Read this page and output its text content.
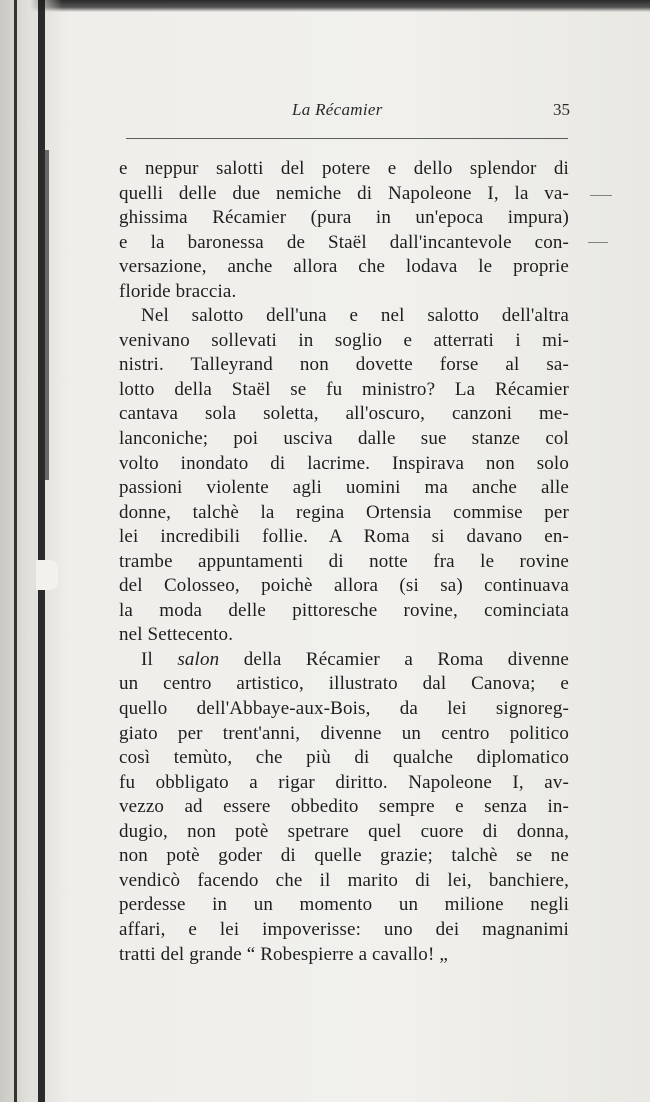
La Récamier	35
e neppur salotti del potere e dello splendor di
quelli delle due nemiche di Napoleone I, la va-
ghissima Récamier (pura in un'epoca impura)
e la baronessa de Staël dall'incantevole con-
versazione, anche allora che lodava le proprie
floride braccia.
Nel salotto dell'una e nel salotto dell'altra
venivano sollevati in soglio e atterrati i mi-
nistri. Talleyrand non dovette forse al sa-
lotto della Staël se fu ministro? La Récamier
cantava sola soletta, all'oscuro, canzoni me-
lanconiche; poi usciva dalle sue stanze col
volto inondato di lacrime. Inspirava non solo
passioni violente agli uomini ma anche alle
donne, talchè la regina Ortensia commise per
lei incredibili follie. A Roma si davano en-
trambe appuntamenti di notte fra le rovine
del Colosseo, poichè allora (si sa) continuava
la moda delle pittoresche rovine, cominciata
nel Settecento.
Il salon della Récamier a Roma divenne
un centro artistico, illustrato dal Canova; e
quello dell'Abbaye-aux-Bois, da lei signoreg-
giato per trent'anni, divenne un centro politico
così temùto, che più di qualche diplomatico
fu obbligato a rigar diritto. Napoleone I, av-
vezzo ad essere obbedito sempre e senza in-
dugio, non potè spetrare quel cuore di donna,
non potè goder di quelle grazie; talchè se ne
vendicò facendo che il marito di lei, banchiere,
perdesse in un momento un milione negli
affari, e lei impoverisse: uno dei magnanimi
tratti del grande “ Robespierre a cavallo! „
